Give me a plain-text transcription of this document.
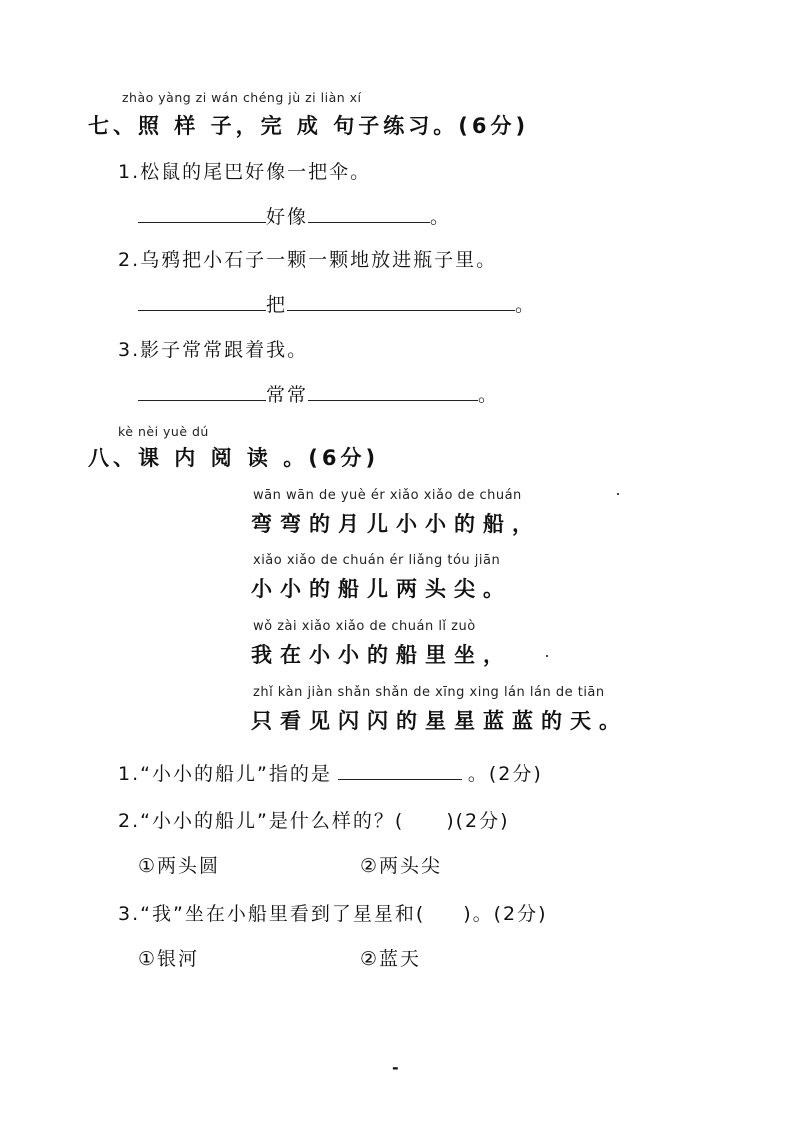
zhào yàng zi wán chéng jù zi liàn xí
七、照 样 子，完 成 句子练习。(6分)
1.松鼠的尾巴好像一把伞。
好像	。
2.乌鸦把小石子一颗一颗地放进瓶子里。
把	。
3.影子常常跟着我。
常常	。
kè nèi yuè dú
八、课 内 阅 读 。(6分)
wān wān de yuè ér xiǎo xiǎo de chuán
弯弯的月儿小小的船，
xiǎo xiǎo de chuán ér liǎng tóu jiān
小小的船儿两头尖。
wǒ zài xiǎo xiǎo de chuán lǐ zuò
我在小小的船里坐，
zhǐ kàn jiàn shǎn shǎn de xīng xing lán lán de tiān
只看见闪闪的星星蓝蓝的天。
1.“小小的船儿”指的是	。(2分)
2.“小小的船儿”是什么样的？( )(2分)
①两头圆	②两头尖
3.“我”坐在小船里看到了星星和( )。(2分)
①银河	②蓝天
-
